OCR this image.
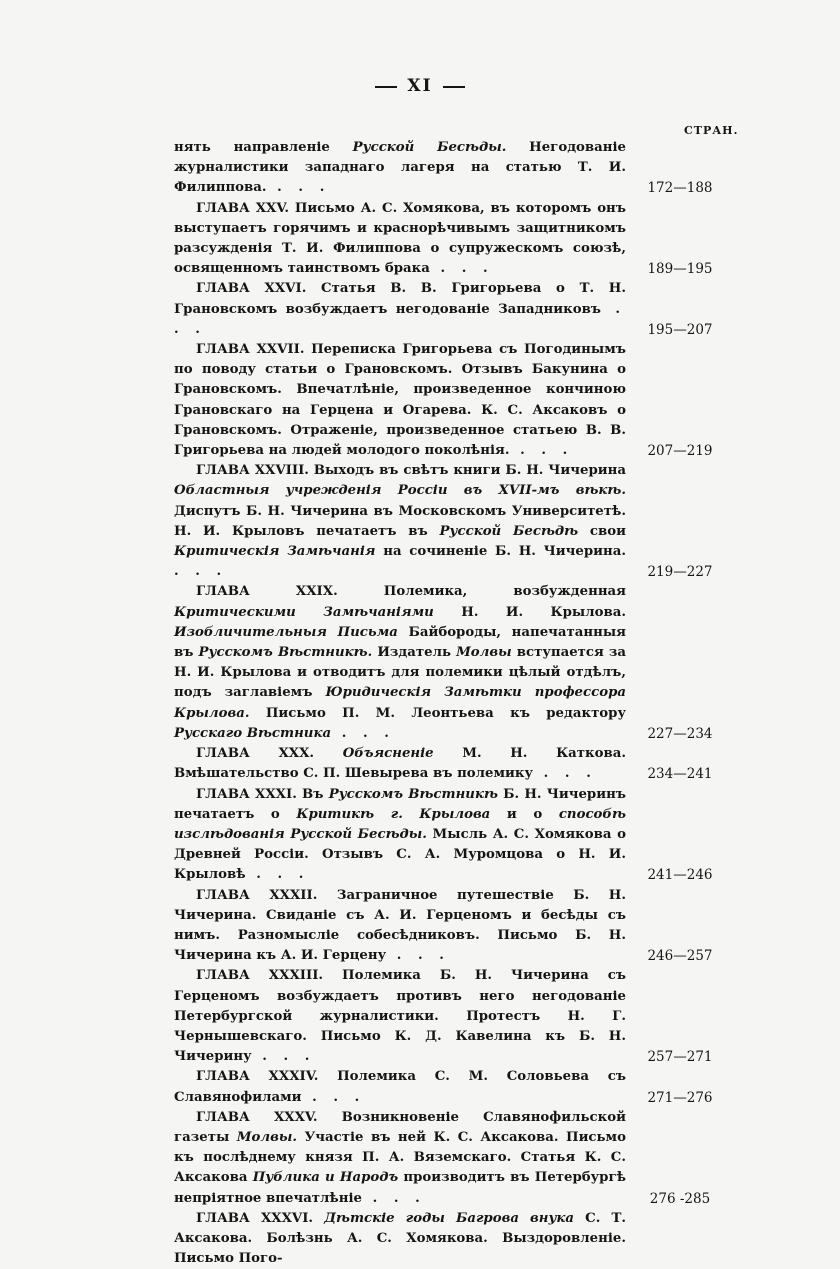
XI
СТРАН.
нять направленіе Русской Бесѣды. Негодованіе журналистики западнаго лагеря на статью Т. И. Филиппова. . . .	172—188
ГЛАВА XXV. Письмо А. С. Хомякова, въ которомъ онъ выступаетъ горячимъ и краснорѣчивымъ защитникомъ разсужденія Т. И. Филиппова о супружескомъ союзѣ, освященномъ таинствомъ брака . . .	189—195
ГЛАВА XXVI. Статья В. В. Григорьева о Т. Н. Грановскомъ возбуждаетъ негодованіе Западниковъ . . .	195—207
ГЛАВА XXVII. Переписка Григорьева съ Погодинымъ по поводу статьи о Грановскомъ. Отзывъ Бакунина о Грановскомъ. Впечатлѣніе, произведенное кончиною Грановскаго на Герцена и Огарева. К. С. Аксаковъ о Грановскомъ. Отраженіе, произведенное статьею В. В. Григорьева на людей молодого поколѣнія. . . .	207—219
ГЛАВА XXVIII. Выходъ въ свѣтъ книги Б. Н. Чичерина Областныя учрежденія Россіи въ XVII-мъ вѣкѣ. Диспутъ Б. Н. Чичерина въ Московскомъ Университетѣ. Н. И. Крыловъ печатаетъ въ Русской Бесѣдѣ свои Критическія Замѣчанія на сочиненіе Б. Н. Чичерина. . . .	219—227
ГЛАВА XXIX. Полемика, возбужденная Критическими Замѣчаніями Н. И. Крылова. Изобличительныя Письма Байбороды, напечатанныя въ Русскомъ Вѣстникѣ. Издатель Молвы вступается за Н. И. Крылова и отводитъ для полемики цѣлый отдѣлъ, подъ заглавіемъ Юридическія Замѣтки профессора Крылова. Письмо П. М. Леонтьева къ редактору Русскаго Вѣстника . . .	227—234
ГЛАВА XXX. Объясненіе М. Н. Каткова. Вмѣшательство С. П. Шевырева въ полемику . . .	234—241
ГЛАВА XXXI. Въ Русскомъ Вѣстникѣ Б. Н. Чичеринъ печатаетъ о Критикѣ г. Крылова и о способѣ изслѣдованія Русской Бесѣды. Мысль А. С. Хомякова о Древней Россіи. Отзывъ С. А. Муромцова о Н. И. Крыловѣ . . .	241—246
ГЛАВА XXXII. Заграничное путешествіе Б. Н. Чичерина. Свиданіе съ А. И. Герценомъ и бесѣды съ нимъ. Разномысліе собесѣдниковъ. Письмо Б. Н. Чичерина къ А. И. Герцену . . .	246—257
ГЛАВА XXXIII. Полемика Б. Н. Чичерина съ Герценомъ возбуждаетъ противъ него негодованіе Петербургской журналистики. Протестъ Н. Г. Чернышевскаго. Письмо К. Д. Кавелина къ Б. Н. Чичерину . . .	257—271
ГЛАВА XXXIV. Полемика С. М. Соловьева съ Славянофилами . . .	271—276
ГЛАВА XXXV. Возникновеніе Славянофильской газеты Молвы. Участіе въ ней К. С. Аксакова. Письмо къ послѣднему князя П. А. Вяземскаго. Статья К. С. Аксакова Публика и Народъ производитъ въ Петербургѣ непріятное впечатлѣніе . . .	276 -285
ГЛАВА XXXVI. Дѣтскіе годы Багрова внука С. Т. Аксакова. Болѣзнь А. С. Хомякова. Выздоровленіе. Письмо Пого-
